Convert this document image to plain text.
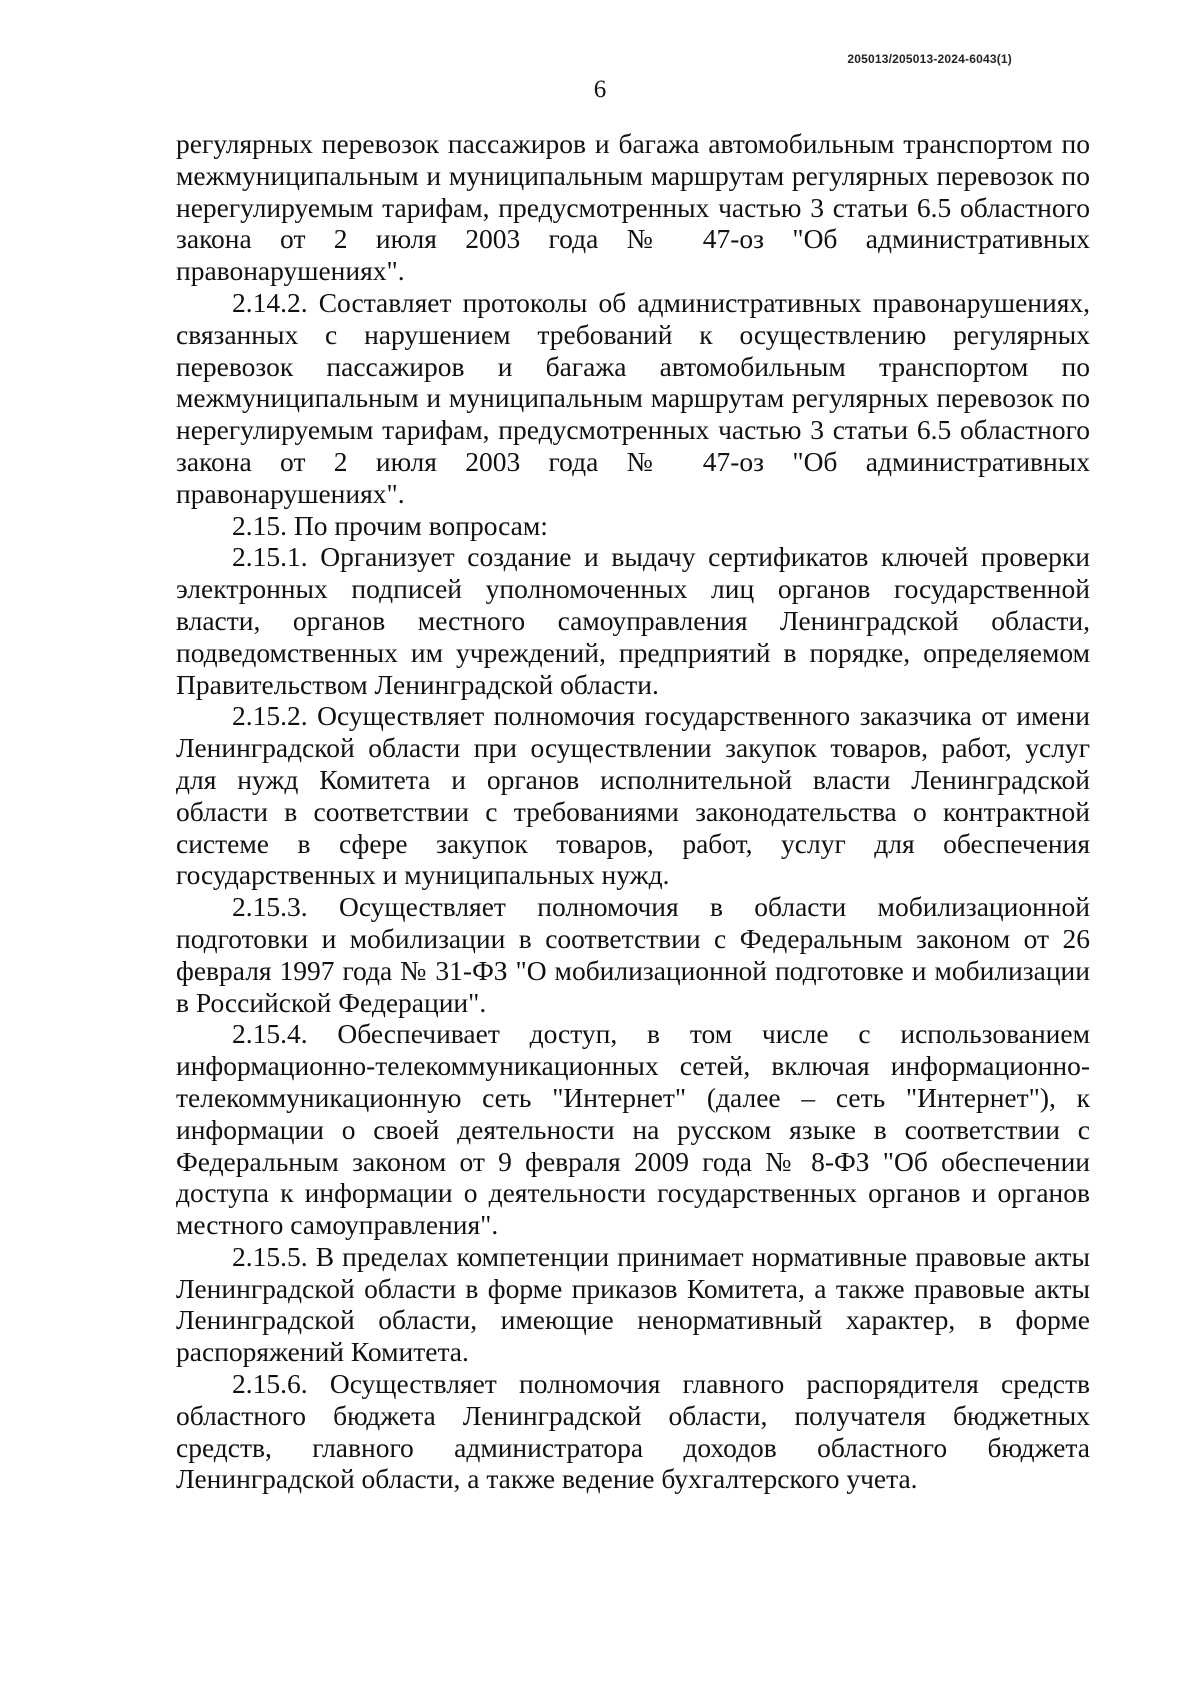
205013/205013-2024-6043(1)
6

регулярных перевозок пассажиров и багажа автомобильным транспортом по межмуниципальным и муниципальным маршрутам регулярных перевозок по нерегулируемым тарифам, предусмотренных частью 3 статьи 6.5 областного закона от 2 июля 2003 года № 47-оз "Об административных правонарушениях".

2.14.2. Составляет протоколы об административных правонарушениях, связанных с нарушением требований к осуществлению регулярных перевозок пассажиров и багажа автомобильным транспортом по межмуниципальным и муниципальным маршрутам регулярных перевозок по нерегулируемым тарифам, предусмотренных частью 3 статьи 6.5 областного закона от 2 июля 2003 года № 47-оз "Об административных правонарушениях".

2.15. По прочим вопросам:

2.15.1. Организует создание и выдачу сертификатов ключей проверки электронных подписей уполномоченных лиц органов государственной власти, органов местного самоуправления Ленинградской области, подведомственных им учреждений, предприятий в порядке, определяемом Правительством Ленинградской области.

2.15.2. Осуществляет полномочия государственного заказчика от имени Ленинградской области при осуществлении закупок товаров, работ, услуг для нужд Комитета и органов исполнительной власти Ленинградской области в соответствии с требованиями законодательства о контрактной системе в сфере закупок товаров, работ, услуг для обеспечения государственных и муниципальных нужд.

2.15.3. Осуществляет полномочия в области мобилизационной подготовки и мобилизации в соответствии с Федеральным законом от 26 февраля 1997 года № 31-ФЗ "О мобилизационной подготовке и мобилизации в Российской Федерации".

2.15.4. Обеспечивает доступ, в том числе с использованием информационно-телекоммуникационных сетей, включая информационно-телекоммуникационную сеть "Интернет" (далее – сеть "Интернет"), к информации о своей деятельности на русском языке в соответствии с Федеральным законом от 9 февраля 2009 года № 8-ФЗ "Об обеспечении доступа к информации о деятельности государственных органов и органов местного самоуправления".

2.15.5. В пределах компетенции принимает нормативные правовые акты Ленинградской области в форме приказов Комитета, а также правовые акты Ленинградской области, имеющие ненормативный характер, в форме распоряжений Комитета.

2.15.6. Осуществляет полномочия главного распорядителя средств областного бюджета Ленинградской области, получателя бюджетных средств, главного администратора доходов областного бюджета Ленинградской области, а также ведение бухгалтерского учета.
